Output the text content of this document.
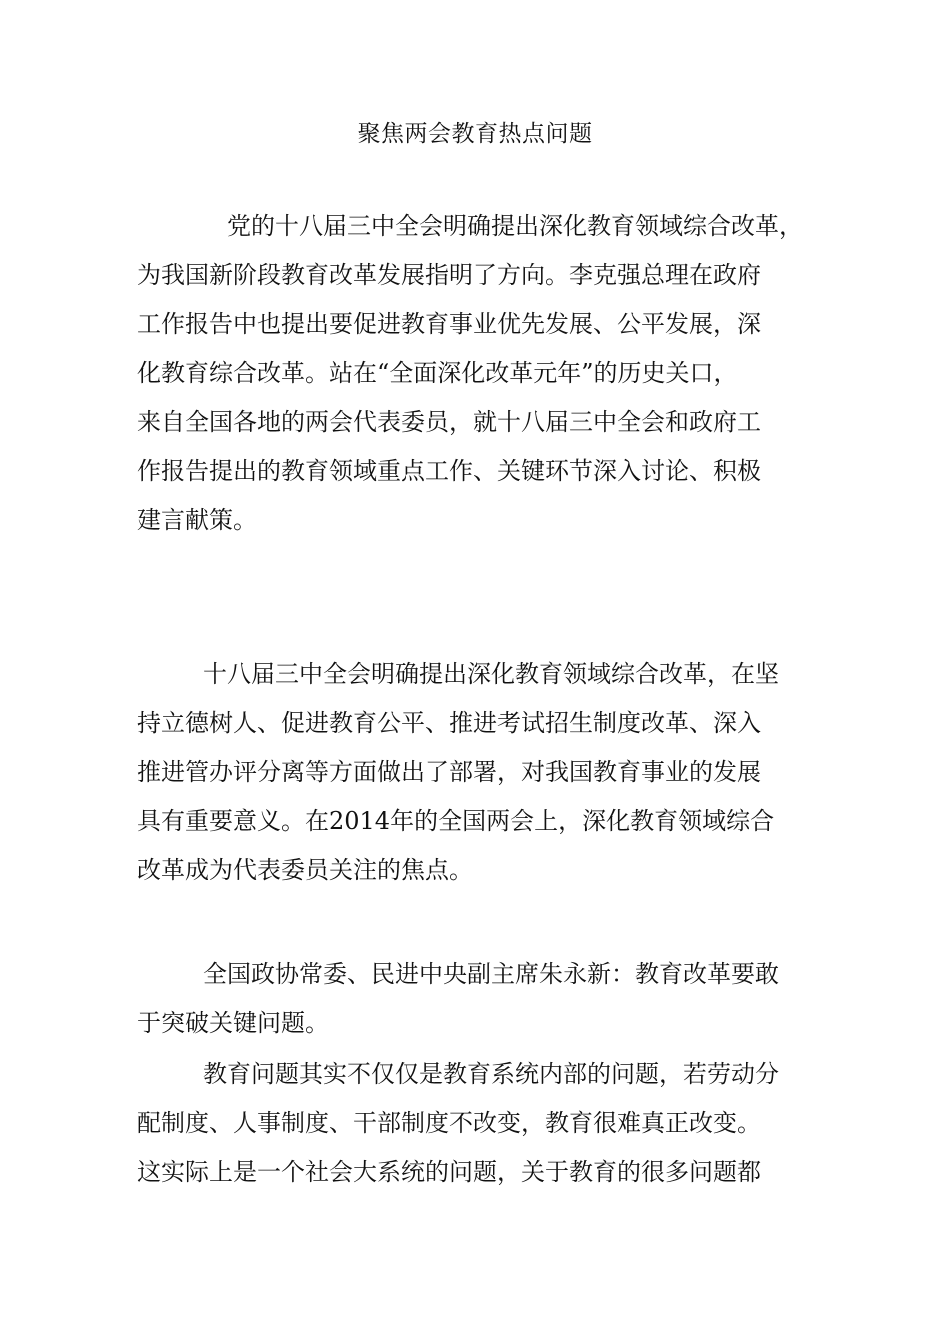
聚焦两会教育热点问题
党的十八届三中全会明确提出深化教育领域综合改革，
为我国新阶段教育改革发展指明了方向。李克强总理在政府
工作报告中也提出要促进教育事业优先发展、公平发展，深
化教育综合改革。站在“全面深化改革元年”的历史关口，
来自全国各地的两会代表委员，就十八届三中全会和政府工
作报告提出的教育领域重点工作、关键环节深入讨论、积极
建言献策。
十八届三中全会明确提出深化教育领域综合改革，在坚
持立德树人、促进教育公平、推进考试招生制度改革、深入
推进管办评分离等方面做出了部署，对我国教育事业的发展
具有重要意义。在2014年的全国两会上，深化教育领域综合
改革成为代表委员关注的焦点。
全国政协常委、民进中央副主席朱永新：教育改革要敢
于突破关键问题。
教育问题其实不仅仅是教育系统内部的问题，若劳动分
配制度、人事制度、干部制度不改变，教育很难真正改变。
这实际上是一个社会大系统的问题，关于教育的很多问题都
